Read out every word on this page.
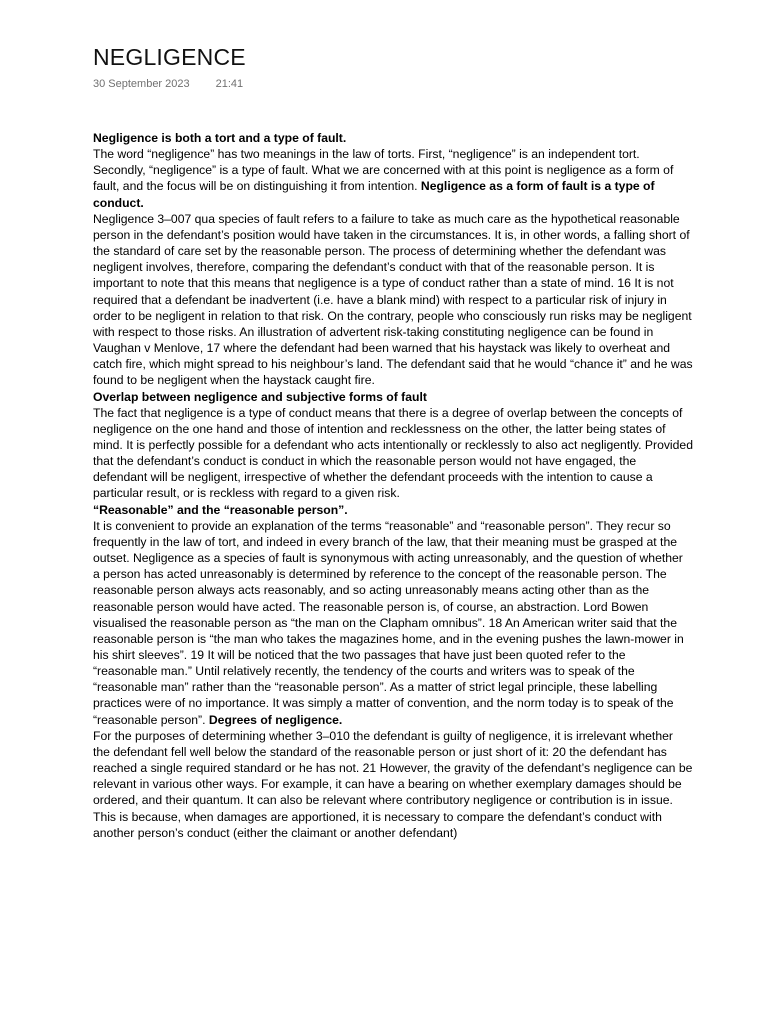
NEGLIGENCE
30 September 2023 21:41

Negligence is both a tort and a type of fault.

The word “negligence” has two meanings in the law of torts. First, “negligence” is an independent tort. Secondly, “negligence” is a type of fault. What we are concerned with at this point is negligence as a form of fault, and the focus will be on distinguishing it from intention. Negligence as a form of fault is a type of conduct.

Negligence 3–007 qua species of fault refers to a failure to take as much care as the hypothetical reasonable person in the defendant’s position would have taken in the circumstances. It is, in other words, a falling short of the standard of care set by the reasonable person. The process of determining whether the defendant was negligent involves, therefore, comparing the defendant’s conduct with that of the reasonable person. It is important to note that this means that negligence is a type of conduct rather than a state of mind. 16 It is not required that a defendant be inadvertent (i.e. have a blank mind) with respect to a particular risk of injury in order to be negligent in relation to that risk. On the contrary, people who consciously run risks may be negligent with respect to those risks. An illustration of advertent risk-taking constituting negligence can be found in Vaughan v Menlove, 17 where the defendant had been warned that his haystack was likely to overheat and catch fire, which might spread to his neighbour’s land. The defendant said that he would “chance it” and he was found to be negligent when the haystack caught fire.

Overlap between negligence and subjective forms of fault

The fact that negligence is a type of conduct means that there is a degree of overlap between the concepts of negligence on the one hand and those of intention and recklessness on the other, the latter being states of mind. It is perfectly possible for a defendant who acts intentionally or recklessly to also act negligently. Provided that the defendant’s conduct is conduct in which the reasonable person would not have engaged, the defendant will be negligent, irrespective of whether the defendant proceeds with the intention to cause a particular result, or is reckless with regard to a given risk.

“Reasonable” and the “reasonable person”.

It is convenient to provide an explanation of the terms “reasonable” and “reasonable person”. They recur so frequently in the law of tort, and indeed in every branch of the law, that their meaning must be grasped at the outset. Negligence as a species of fault is synonymous with acting unreasonably, and the question of whether a person has acted unreasonably is determined by reference to the concept of the reasonable person. The reasonable person always acts reasonably, and so acting unreasonably means acting other than as the reasonable person would have acted. The reasonable person is, of course, an abstraction. Lord Bowen visualised the reasonable person as “the man on the Clapham omnibus”. 18 An American writer said that the reasonable person is “the man who takes the magazines home, and in the evening pushes the lawn-mower in his shirt sleeves”. 19 It will be noticed that the two passages that have just been quoted refer to the “reasonable man.” Until relatively recently, the tendency of the courts and writers was to speak of the “reasonable man” rather than the “reasonable person”. As a matter of strict legal principle, these labelling practices were of no importance. It was simply a matter of convention, and the norm today is to speak of the “reasonable person”. Degrees of negligence.

For the purposes of determining whether 3–010 the defendant is guilty of negligence, it is irrelevant whether the defendant fell well below the standard of the reasonable person or just short of it: 20 the defendant has reached a single required standard or he has not. 21 However, the gravity of the defendant’s negligence can be relevant in various other ways. For example, it can have a bearing on whether exemplary damages should be ordered, and their quantum. It can also be relevant where contributory negligence or contribution is in issue. This is because, when damages are apportioned, it is necessary to compare the defendant’s conduct with another person’s conduct (either the claimant or another defendant)
